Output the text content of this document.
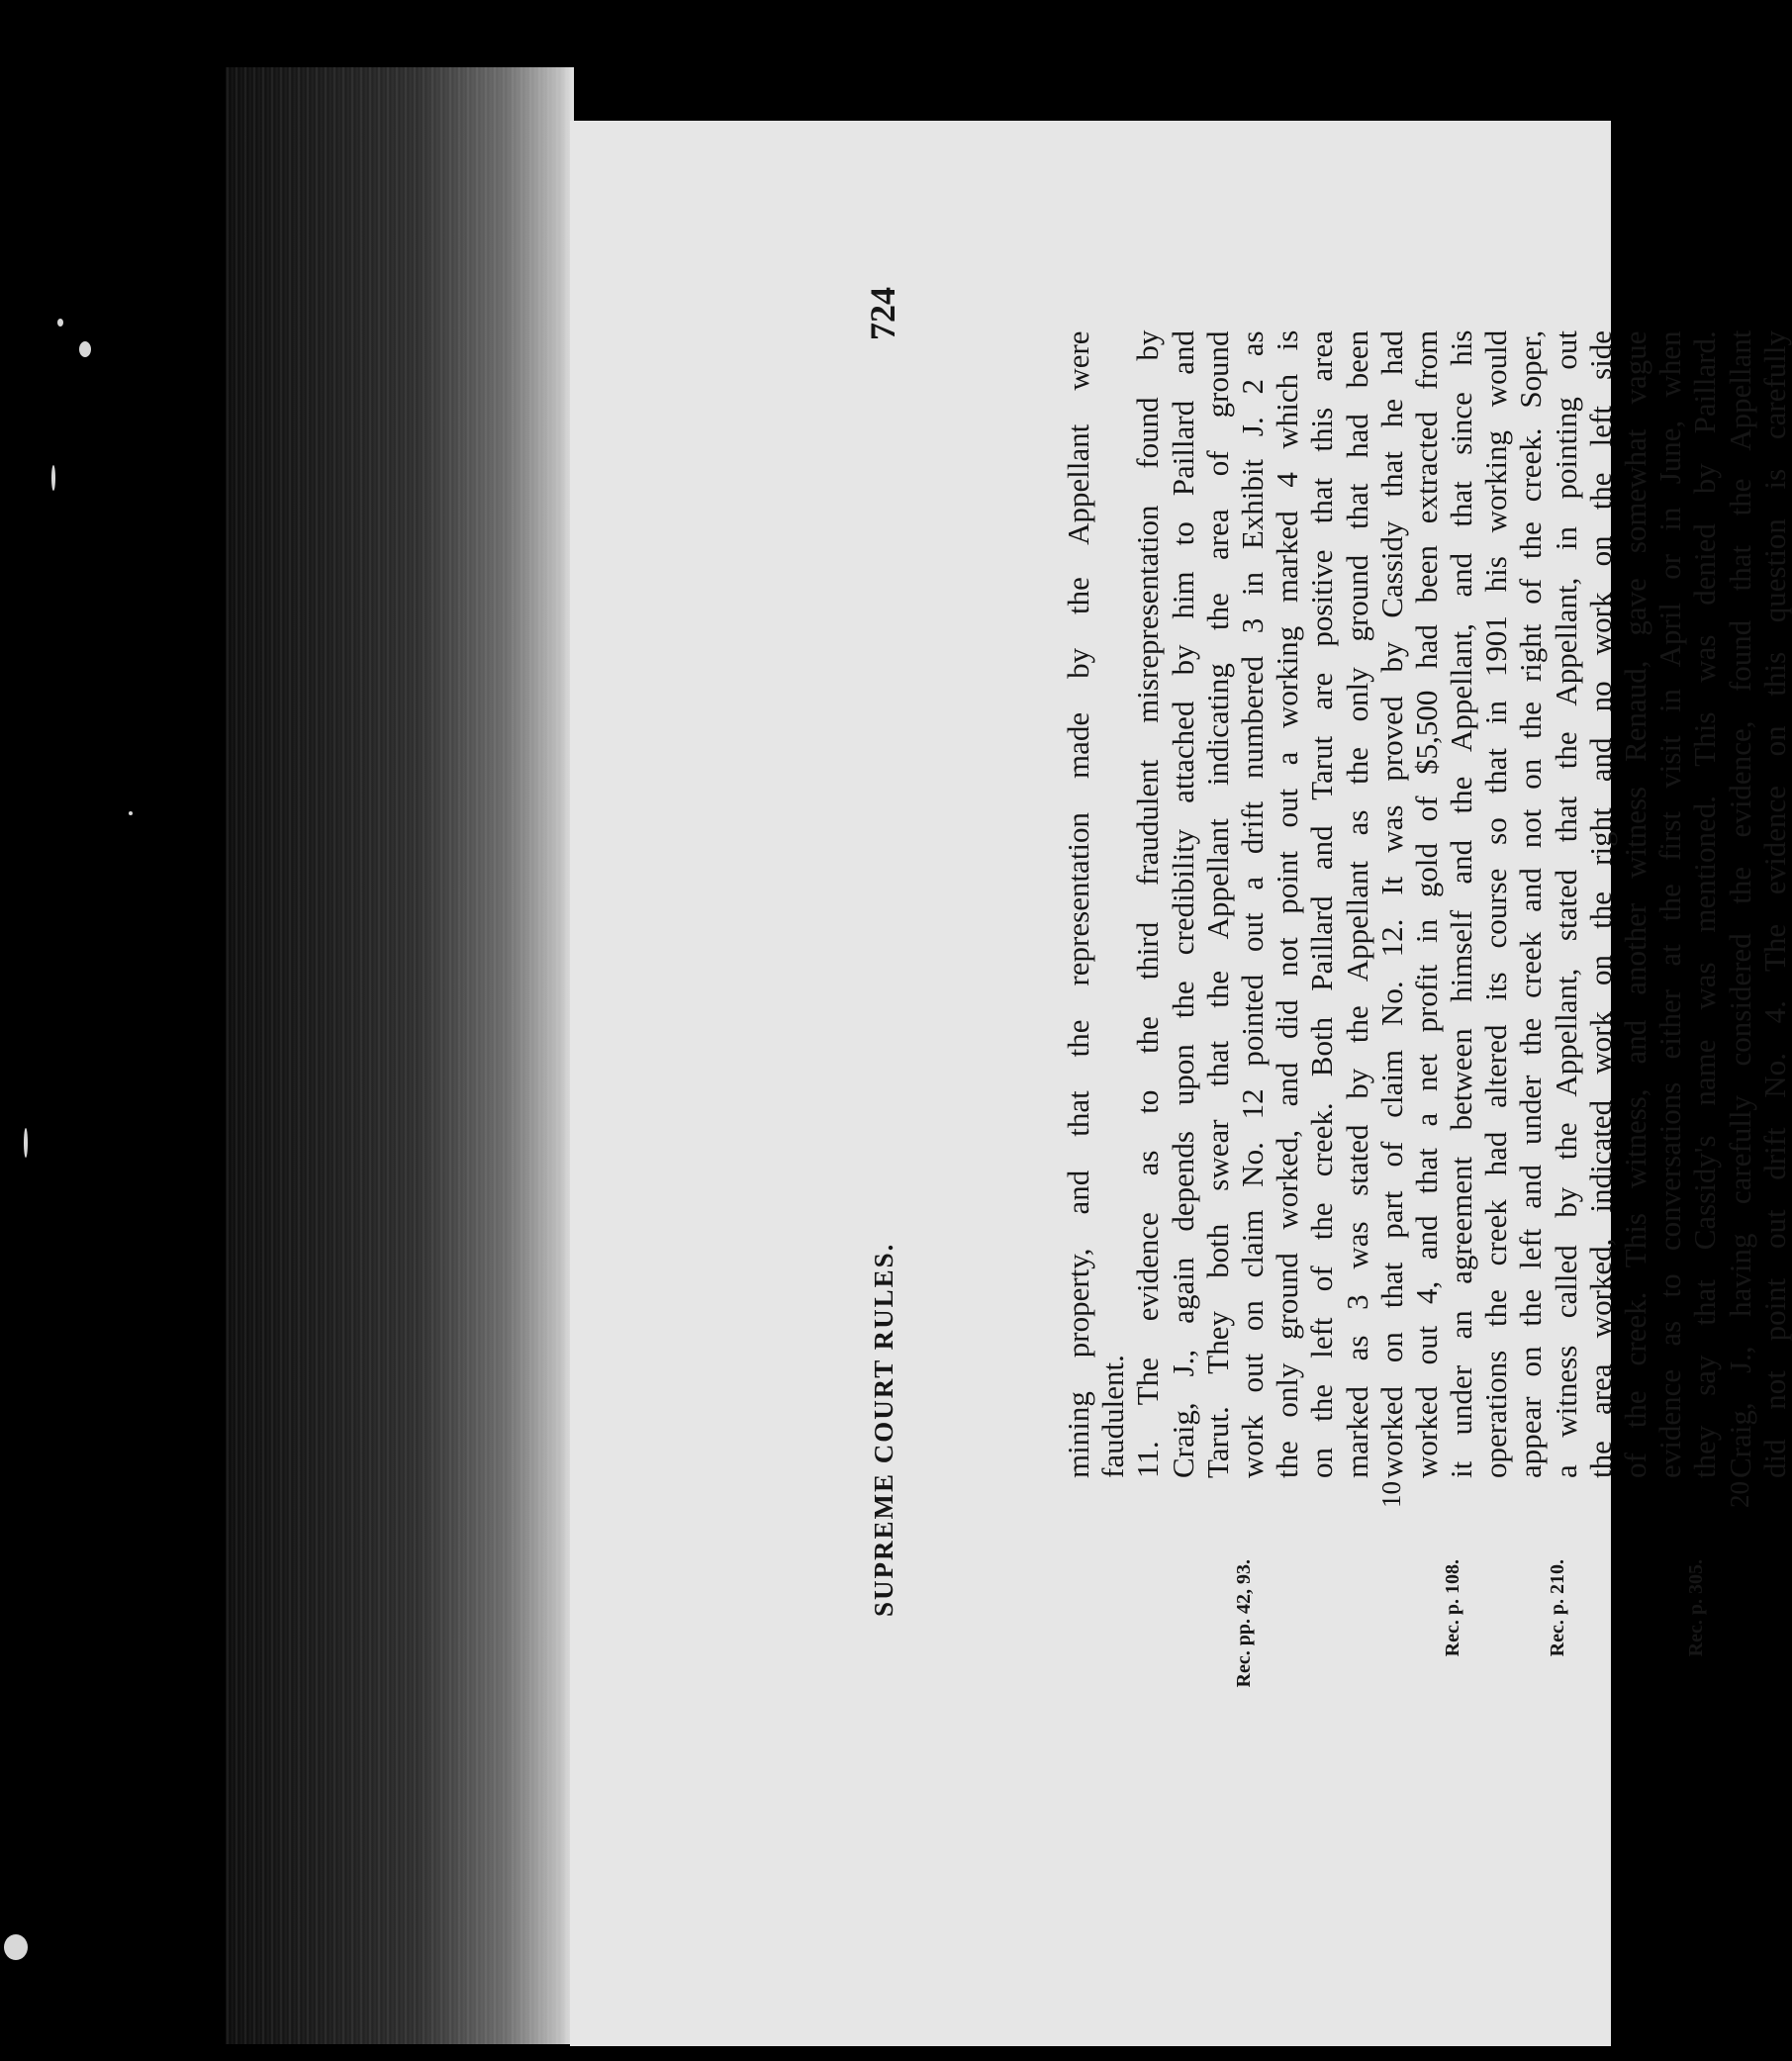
724
SUPREME COURT RULES.	mining property, and that the representation made by the Appellant were faudulent. 11. The evidence as to the third fraudulent misrepresentation found by Craig, J., again depends upon the credibility attached by him to Paillard and Tarut. They both swear that the Appellant indicating the area of ground
Rec. pp. 42, 93.
work out on claim No. 12 pointed out a drift numbered 3 in Exhibit J. 2 as the only ground worked, and did not point out a working marked 4 which is on the left of the creek. Both Paillard and Tarut are positive that this area marked as 3 was stated by the Appellant as the only ground that had been
10
worked on that part of claim No. 12. It was proved by Cassidy that he had worked out 4, and that a net profit in gold of $5,500 had been extracted from
Rec. p. 108.
it under an agreement between himself and the Appellant, and that since his operations the creek had altered its course so that in 1901 his working would appear on the left and under the creek and not on the right of the creek. Soper,
Rec. p. 210.
a witness called by the Appellant, stated that the Appellant, in pointing out the area worked, indicated work on the right and no work on the left side of the creek. This witness, and another witness Renaud, gave somewhat vague evidence as to conversations either at the first visit in April or in June, when
Rec. p. 305.
they say that Cassidy's name was mentioned. This was denied by Paillard.
20
Craig, J., having carefully considered the evidence, found that the Appellant did not point out drift No. 4. The evidence on this question is carefully
